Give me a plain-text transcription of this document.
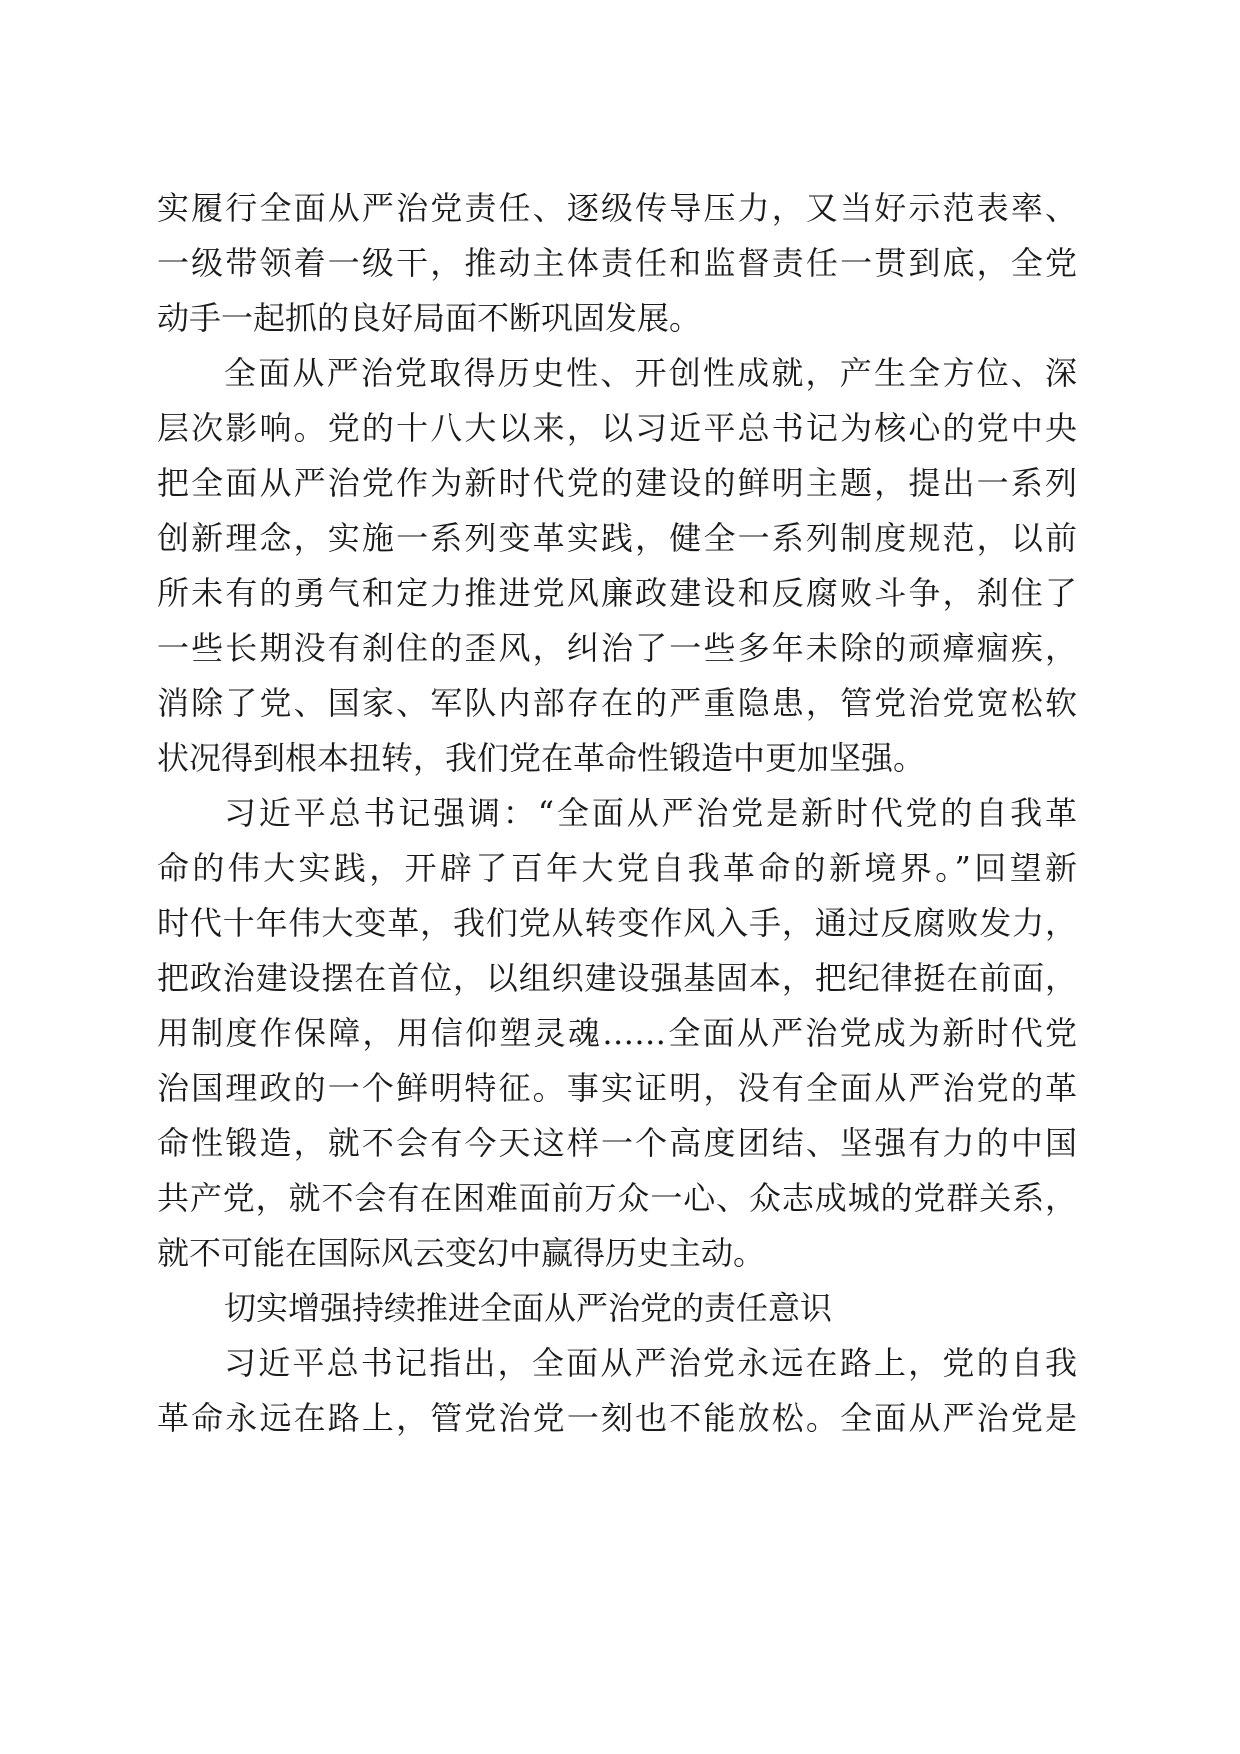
实履行全面从严治党责任、逐级传导压力，又当好示范表率、
一级带领着一级干，推动主体责任和监督责任一贯到底，全党
动手一起抓的良好局面不断巩固发展。
全面从严治党取得历史性、开创性成就，产生全方位、深
层次影响。党的十八大以来，以习近平总书记为核心的党中央
把全面从严治党作为新时代党的建设的鲜明主题，提出一系列
创新理念，实施一系列变革实践，健全一系列制度规范，以前
所未有的勇气和定力推进党风廉政建设和反腐败斗争，刹住了
一些长期没有刹住的歪风，纠治了一些多年未除的顽瘴痼疾，
消除了党、国家、军队内部存在的严重隐患，管党治党宽松软
状况得到根本扭转，我们党在革命性锻造中更加坚强。
习近平总书记强调：“全面从严治党是新时代党的自我革
命的伟大实践，开辟了百年大党自我革命的新境界。”回望新
时代十年伟大变革，我们党从转变作风入手，通过反腐败发力，
把政治建设摆在首位，以组织建设强基固本，把纪律挺在前面，
用制度作保障，用信仰塑灵魂……全面从严治党成为新时代党
治国理政的一个鲜明特征。事实证明，没有全面从严治党的革
命性锻造，就不会有今天这样一个高度团结、坚强有力的中国
共产党，就不会有在困难面前万众一心、众志成城的党群关系，
就不可能在国际风云变幻中赢得历史主动。
切实增强持续推进全面从严治党的责任意识
习近平总书记指出，全面从严治党永远在路上，党的自我
革命永远在路上，管党治党一刻也不能放松。全面从严治党是
